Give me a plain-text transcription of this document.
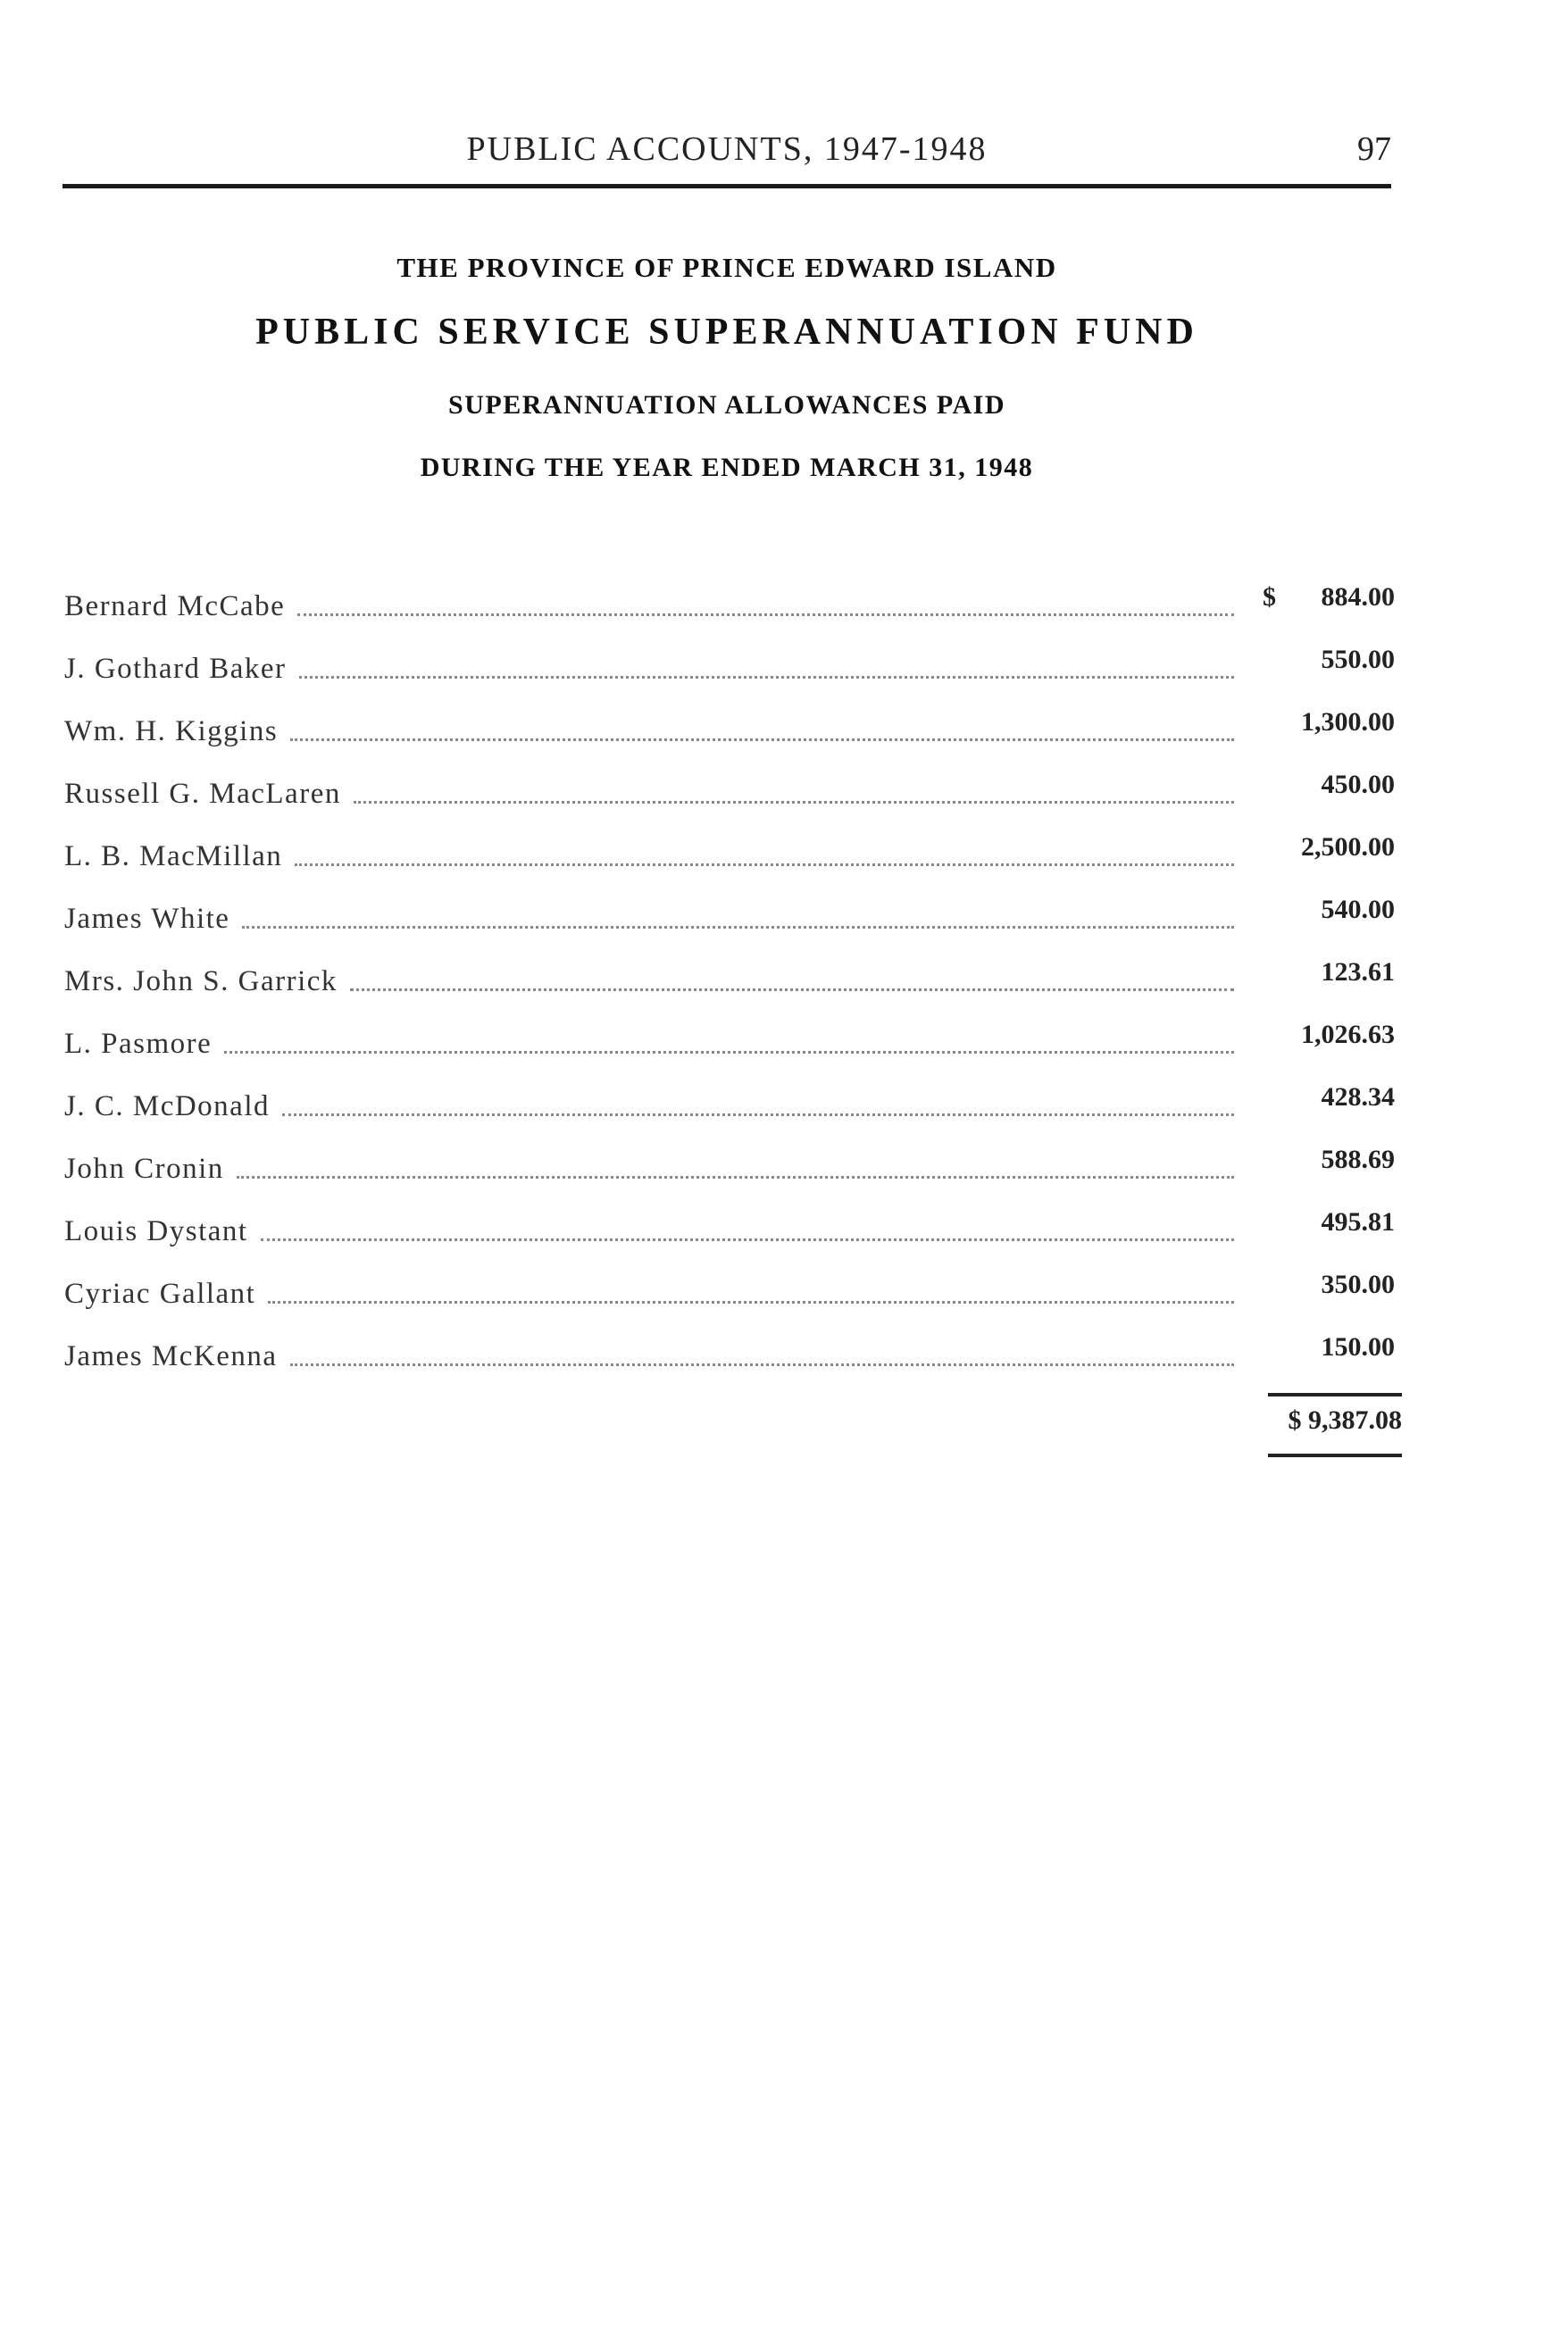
PUBLIC ACCOUNTS, 1947-1948	97
THE PROVINCE OF PRINCE EDWARD ISLAND
PUBLIC SERVICE SUPERANNUATION FUND
SUPERANNUATION ALLOWANCES PAID
DURING THE YEAR ENDED MARCH 31, 1948
Bernard McCabe	$ 884.00
J. Gothard Baker	550.00
Wm. H. Kiggins	1,300.00
Russell G. MacLaren	450.00
L. B. MacMillan	2,500.00
James White	540.00
Mrs. John S. Garrick	123.61
L. Pasmore	1,026.63
J. C. McDonald	428.34
John Cronin	588.69
Louis Dystant	495.81
Cyriac Gallant	350.00
James McKenna	150.00
$ 9,387.08
